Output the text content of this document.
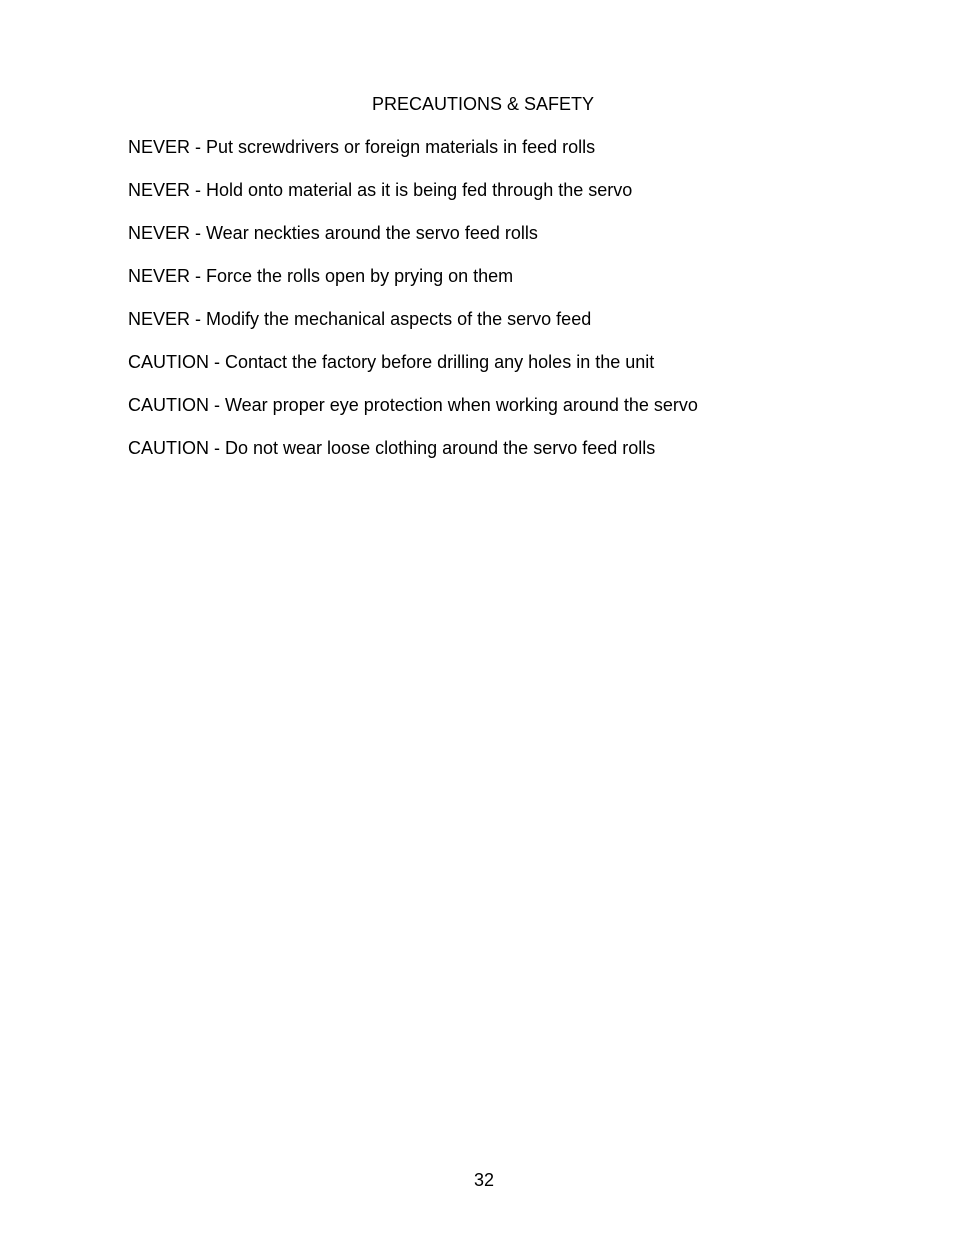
PRECAUTIONS & SAFETY
NEVER - Put screwdrivers or foreign materials in feed rolls
NEVER - Hold onto material as it is being fed through the servo
NEVER - Wear neckties around the servo feed rolls
NEVER - Force the rolls open by prying on them
NEVER - Modify the mechanical aspects of the servo feed
CAUTION - Contact the factory before drilling any holes in the unit
CAUTION - Wear proper eye protection when working around the servo
CAUTION - Do not wear loose clothing around the servo feed rolls
32
